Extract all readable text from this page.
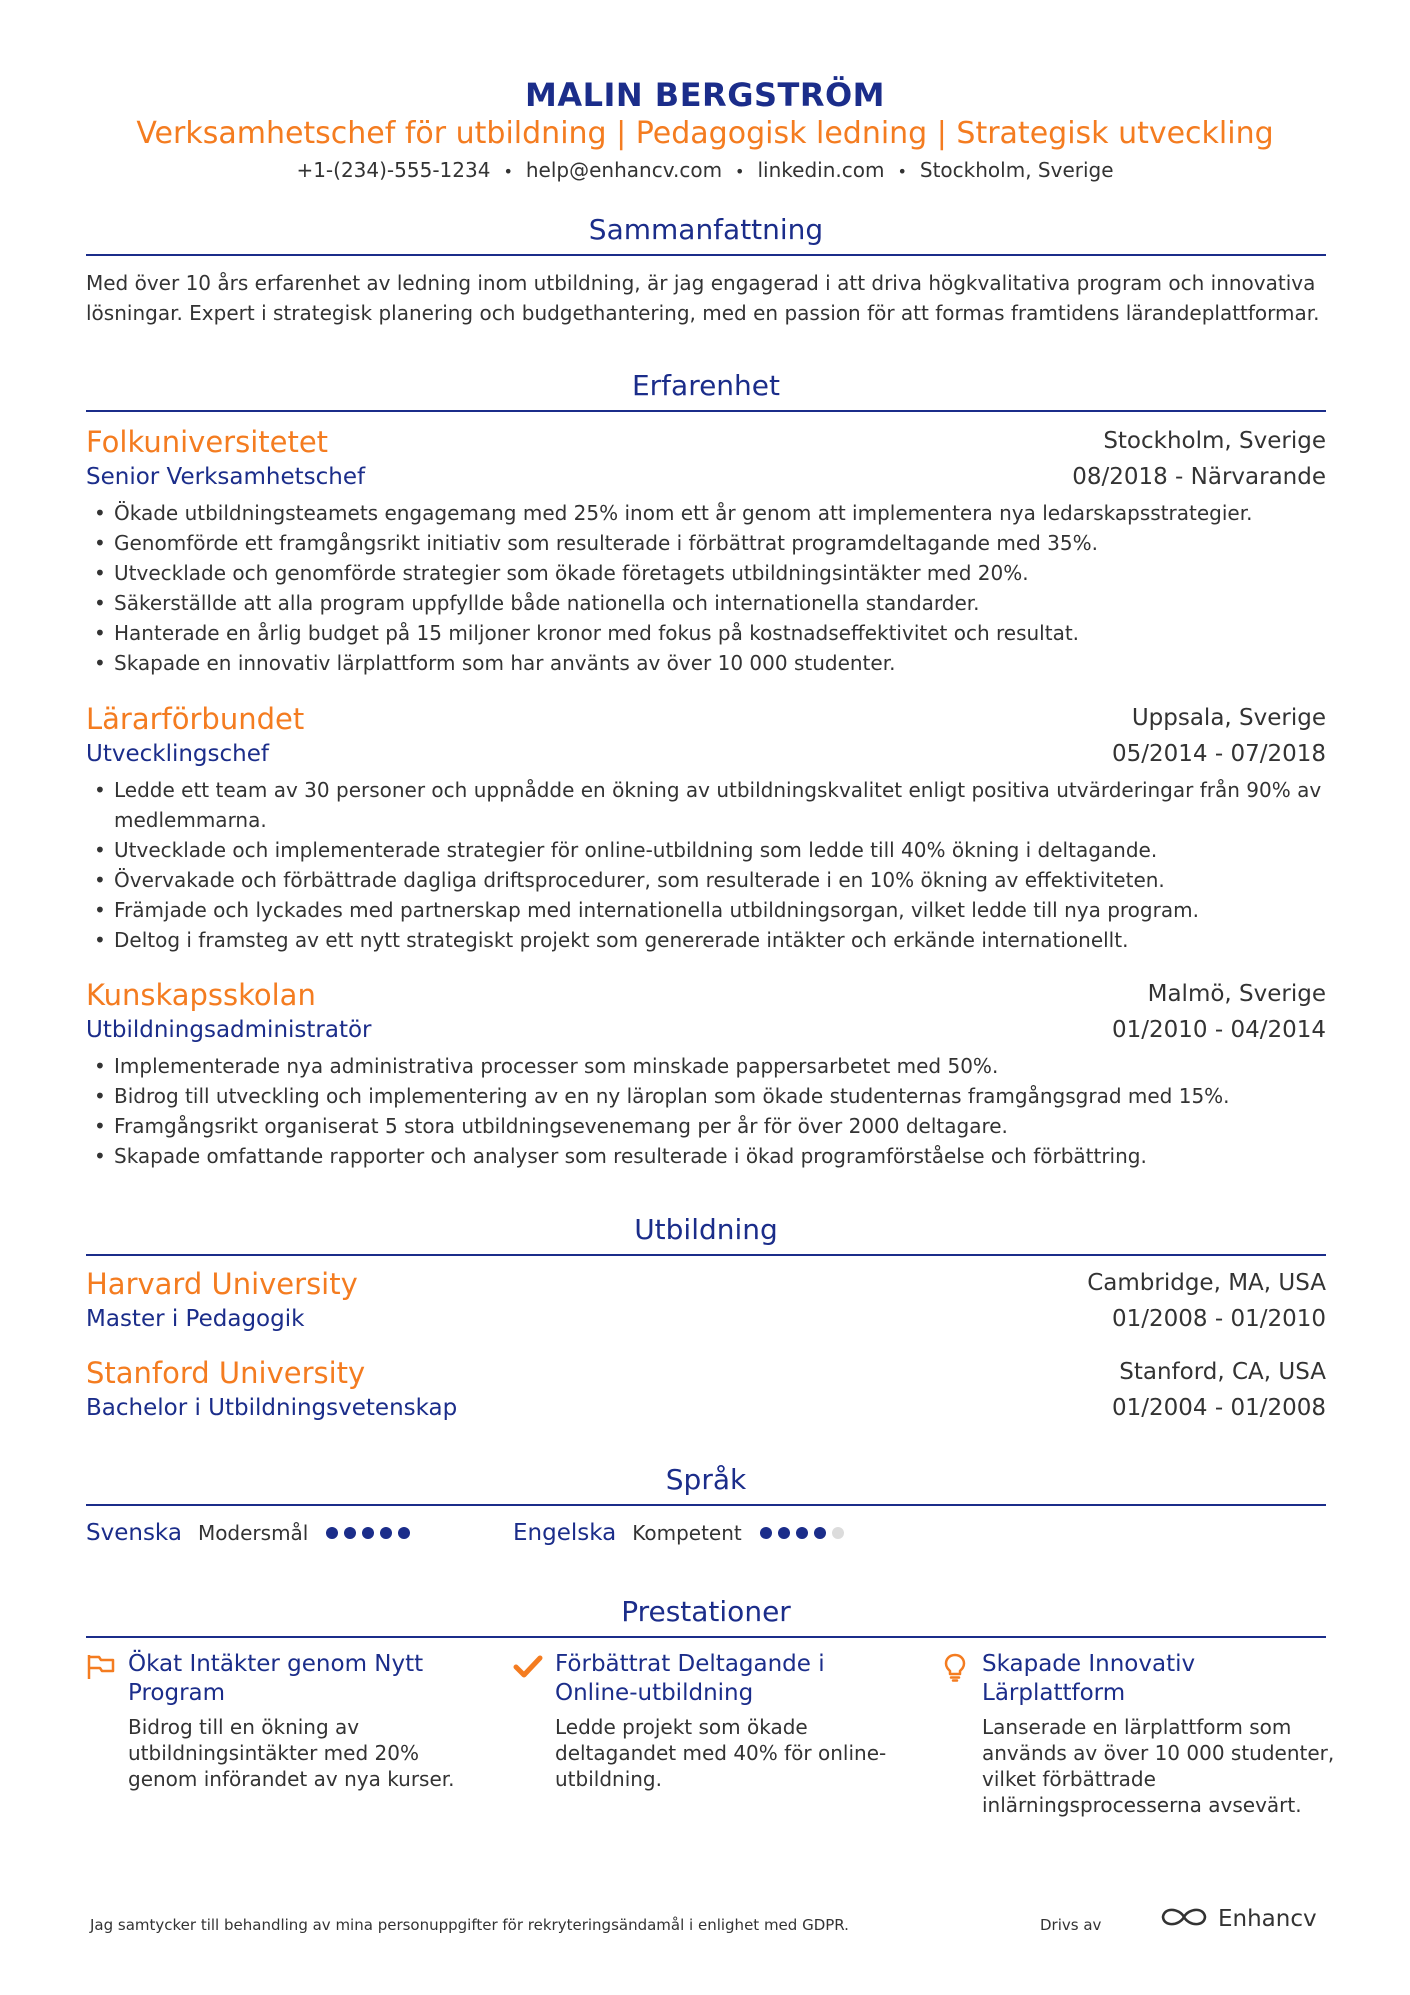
MALIN BERGSTRÖM
Verksamhetschef för utbildning | Pedagogisk ledning | Strategisk utveckling
+1-(234)-555-1234 • help@enhancv.com • linkedin.com • Stockholm, Sverige
Sammanfattning
Med över 10 års erfarenhet av ledning inom utbildning, är jag engagerad i att driva högkvalitativa program och innovativa lösningar. Expert i strategisk planering och budgethantering, med en passion för att formas framtidens lärandeplattformar.
Erfarenhet
Folkuniversitetet	Stockholm, Sverige
Senior Verksamhetschef	08/2018 - Närvarande
• Ökade utbildningsteamets engagemang med 25% inom ett år genom att implementera nya ledarskapsstrategier.
• Genomförde ett framgångsrikt initiativ som resulterade i förbättrat programdeltagande med 35%.
• Utvecklade och genomförde strategier som ökade företagets utbildningsintäkter med 20%.
• Säkerställde att alla program uppfyllde både nationella och internationella standarder.
• Hanterade en årlig budget på 15 miljoner kronor med fokus på kostnadseffektivitet och resultat.
• Skapade en innovativ lärplattform som har använts av över 10 000 studenter.
Lärarförbundet	Uppsala, Sverige
Utvecklingschef	05/2014 - 07/2018
• Ledde ett team av 30 personer och uppnådde en ökning av utbildningskvalitet enligt positiva utvärderingar från 90% av medlemmarna.
• Utvecklade och implementerade strategier för online-utbildning som ledde till 40% ökning i deltagande.
• Övervakade och förbättrade dagliga driftsprocedurer, som resulterade i en 10% ökning av effektiviteten.
• Främjade och lyckades med partnerskap med internationella utbildningsorgan, vilket ledde till nya program.
• Deltog i framsteg av ett nytt strategiskt projekt som genererade intäkter och erkände internationellt.
Kunskapsskolan	Malmö, Sverige
Utbildningsadministratör	01/2010 - 04/2014
• Implementerade nya administrativa processer som minskade pappersarbetet med 50%.
• Bidrog till utveckling och implementering av en ny läroplan som ökade studenternas framgångsgrad med 15%.
• Framgångsrikt organiserat 5 stora utbildningsevenemang per år för över 2000 deltagare.
• Skapade omfattande rapporter och analyser som resulterade i ökad programförståelse och förbättring.
Utbildning
Harvard University	Cambridge, MA, USA
Master i Pedagogik	01/2008 - 01/2010
Stanford University	Stanford, CA, USA
Bachelor i Utbildningsvetenskap	01/2004 - 01/2008
Språk
Svenska Modersmål	Engelska Kompetent
Prestationer
Ökat Intäkter genom Nytt Program
Bidrog till en ökning av utbildningsintäkter med 20% genom införandet av nya kurser.
Förbättrat Deltagande i Online-utbildning
Ledde projekt som ökade deltagandet med 40% för online-utbildning.
Skapade Innovativ Lärplattform
Lanserade en lärplattform som används av över 10 000 studenter, vilket förbättrade inlärningsprocesserna avsevärt.
Jag samtycker till behandling av mina personuppgifter för rekryteringsändamål i enlighet med GDPR.	Drivs av	Enhancv
